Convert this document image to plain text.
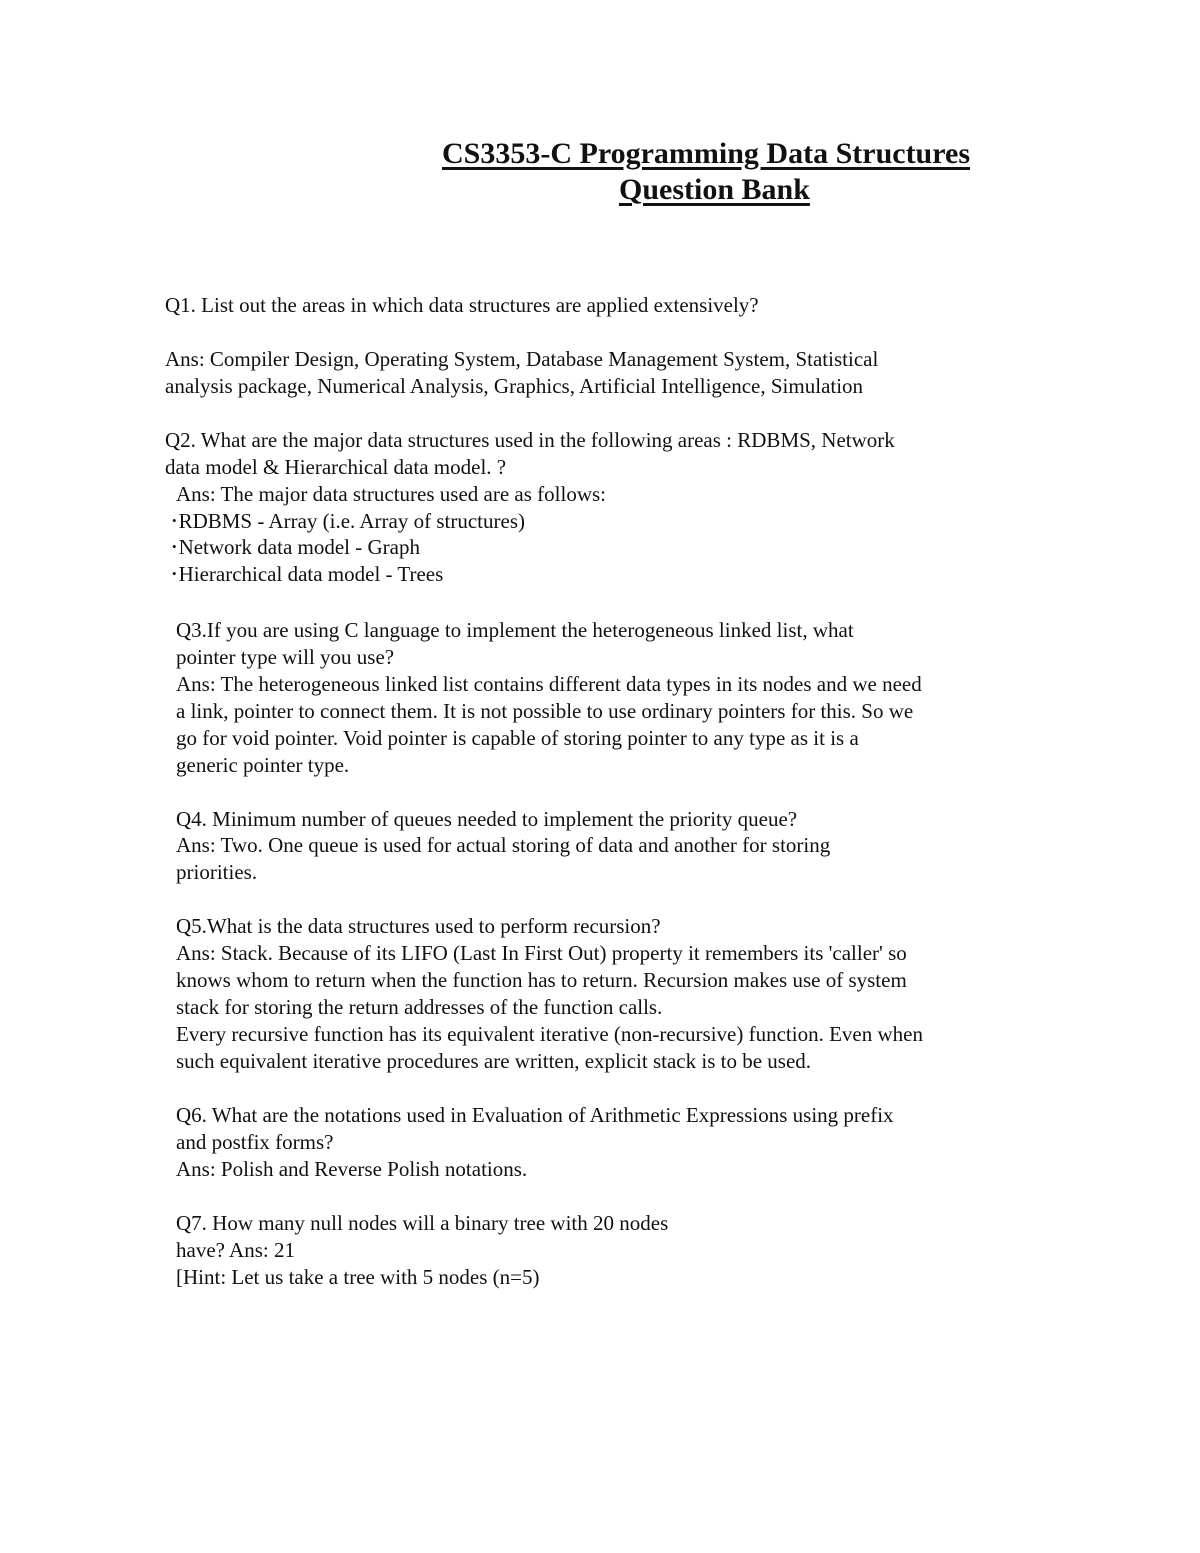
CS3353-C Programming Data Structures
Question Bank
Q1. List out the areas in which data structures are applied extensively?
Ans: Compiler Design, Operating System, Database Management System, Statistical
analysis package, Numerical Analysis, Graphics, Artificial Intelligence, Simulation
Q2. What are the major data structures used in the following areas : RDBMS, Network
data model & Hierarchical data model. ?
Ans: The major data structures used are as follows:
• RDBMS - Array (i.e. Array of structures)
• Network data model - Graph
• Hierarchical data model - Trees
Q3.If you are using C language to implement the heterogeneous linked list, what
pointer type will you use?
Ans: The heterogeneous linked list contains different data types in its nodes and we need
a link, pointer to connect them. It is not possible to use ordinary pointers for this. So we
go for void pointer. Void pointer is capable of storing pointer to any type as it is a
generic pointer type.
Q4. Minimum number of queues needed to implement the priority queue?
Ans: Two. One queue is used for actual storing of data and another for storing
priorities.
Q5.What is the data structures used to perform recursion?
Ans: Stack. Because of its LIFO (Last In First Out) property it remembers its 'caller' so
knows whom to return when the function has to return. Recursion makes use of system
stack for storing the return addresses of the function calls.
Every recursive function has its equivalent iterative (non-recursive) function. Even when
such equivalent iterative procedures are written, explicit stack is to be used.
Q6. What are the notations used in Evaluation of Arithmetic Expressions using prefix
and postfix forms?
Ans: Polish and Reverse Polish notations.
Q7. How many null nodes will a binary tree with 20 nodes
have? Ans: 21
[Hint: Let us take a tree with 5 nodes (n=5)
